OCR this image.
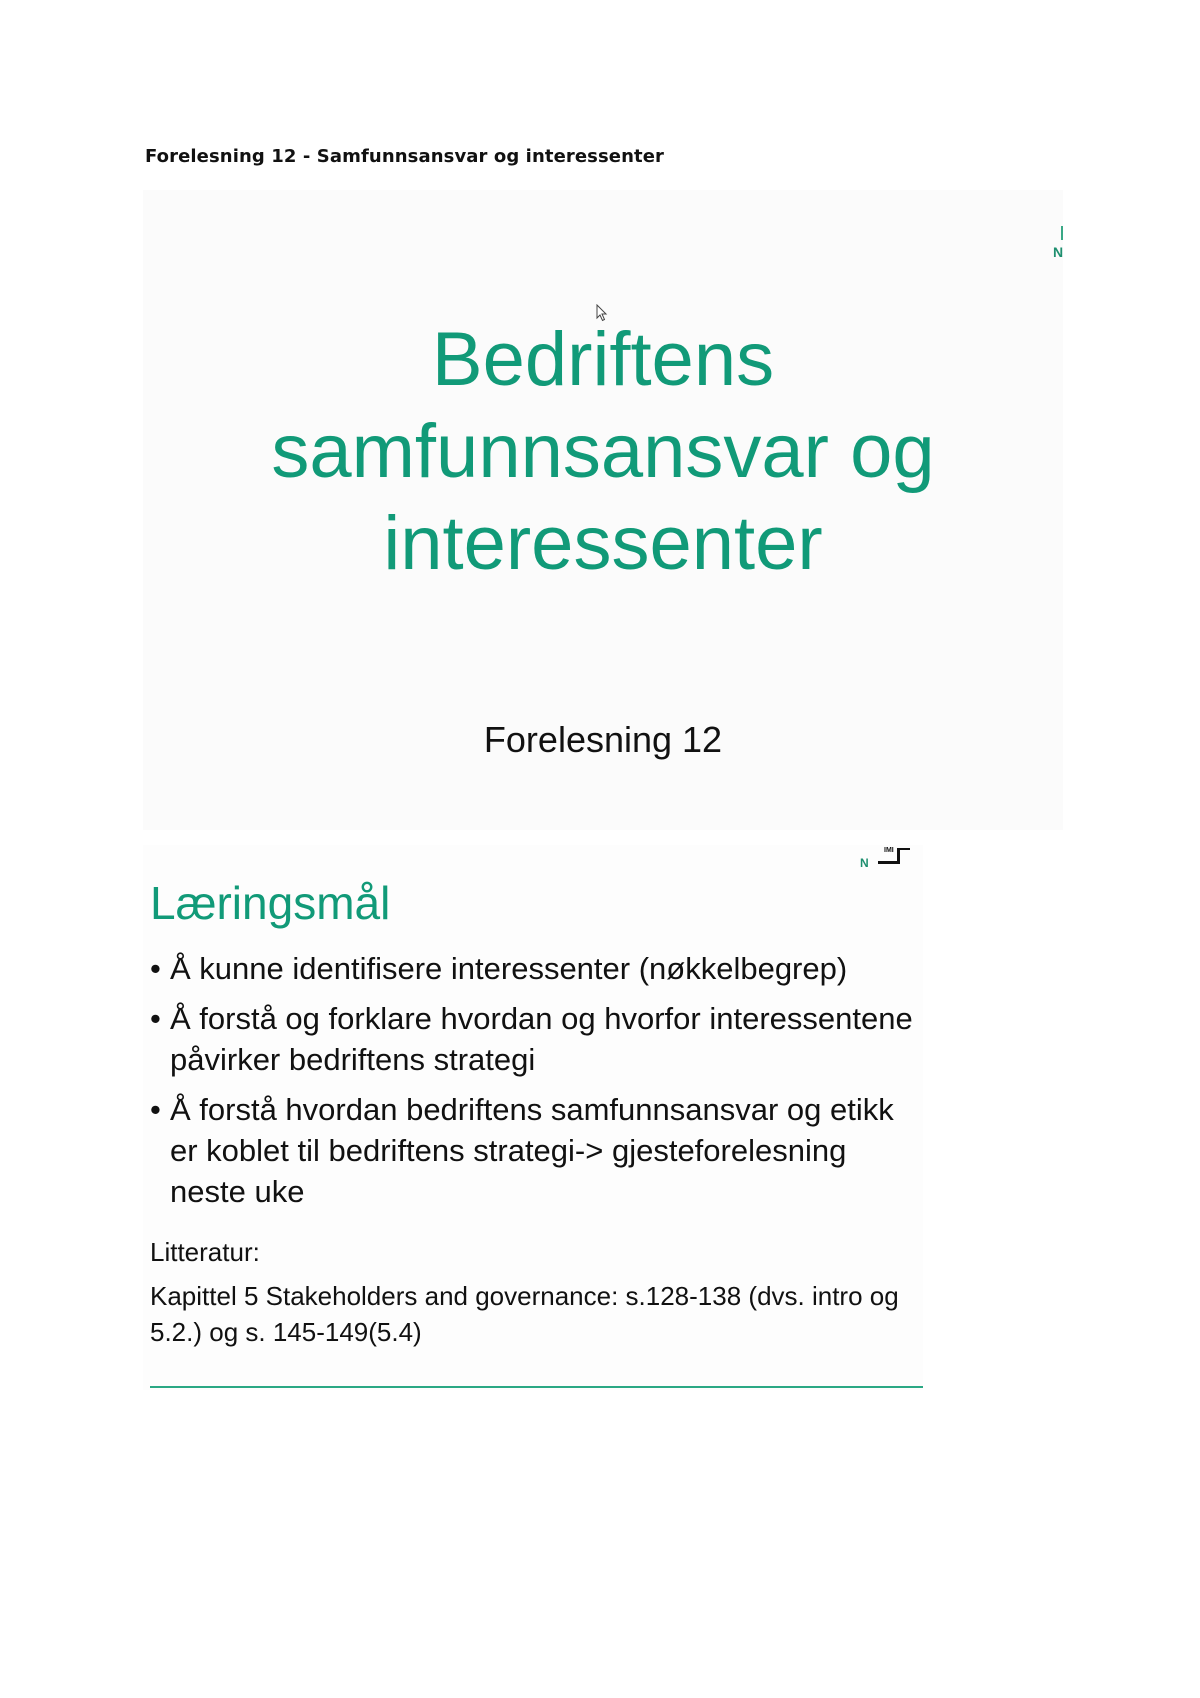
Forelesning 12 - Samfunnsansvar og interessenter
N
Bedriftens
samfunnsansvar og
interessenter
Forelesning 12
N
IMI
Læringsmål
• Å kunne identifisere interessenter (nøkkelbegrep)
• Å forstå og forklare hvordan og hvorfor interessentene påvirker bedriftens strategi
• Å forstå hvordan bedriftens samfunnsansvar og etikk er koblet til bedriftens strategi-> gjesteforelesning neste uke
Litteratur:
Kapittel 5 Stakeholders and governance: s.128-138 (dvs. intro og 5.2.) og s. 145-149(5.4)
